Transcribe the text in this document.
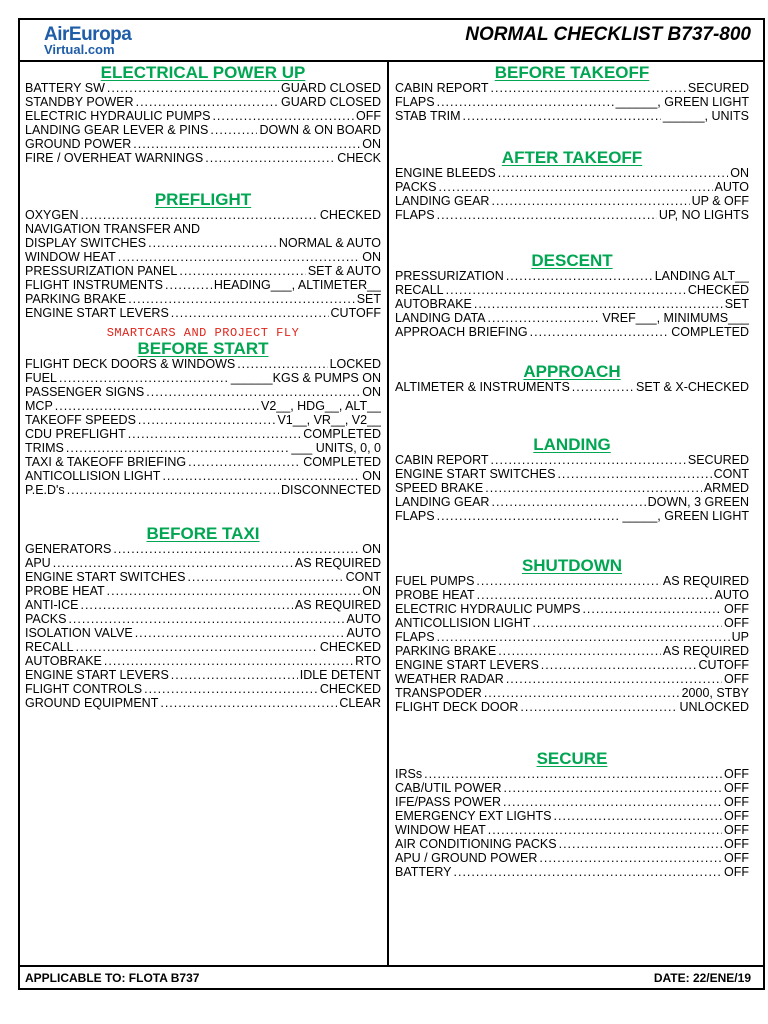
AirEuropa
Virtual.com
NORMAL CHECKLIST B737-800
ELECTRICAL POWER UP
BATTERY SW .....	GUARD CLOSED
STANDBY POWER .....	GUARD CLOSED
ELECTRIC HYDRAULIC PUMPS .....	OFF
LANDING GEAR LEVER & PINS .....	DOWN & ON BOARD
GROUND POWER .....	ON
FIRE / OVERHEAT WARNINGS .....	CHECK
PREFLIGHT
OXYGEN .....	CHECKED
NAVIGATION TRANSFER AND
DISPLAY SWITCHES .....	NORMAL & AUTO
WINDOW HEAT .....	ON
PRESSURIZATION PANEL .....	SET & AUTO
FLIGHT INSTRUMENTS .....	HEADING___, ALTIMETER__
PARKING BRAKE .....	SET
ENGINE START LEVERS .....	CUTOFF
SMARTCARS AND PROJECT FLY
BEFORE START
FLIGHT DECK DOORS & WINDOWS .....	LOCKED
FUEL .....	______KGS & PUMPS ON
PASSENGER SIGNS .....	ON
MCP .....	V2__, HDG__, ALT__
TAKEOFF SPEEDS .....	V1__, VR__, V2__
CDU PREFLIGHT .....	COMPLETED
TRIMS .....	___ UNITS, 0, 0
TAXI & TAKEOFF BRIEFING .....	COMPLETED
ANTICOLLISION LIGHT .....	ON
P.E.D's .....	DISCONNECTED
BEFORE TAXI
GENERATORS .....	ON
APU .....	AS REQUIRED
ENGINE START SWITCHES .....	CONT
PROBE HEAT .....	ON
ANTI-ICE .....	AS REQUIRED
PACKS .....	AUTO
ISOLATION VALVE .....	AUTO
RECALL .....	CHECKED
AUTOBRAKE .....	RTO
ENGINE START LEVERS .....	IDLE DETENT
FLIGHT CONTROLS .....	CHECKED
GROUND EQUIPMENT .....	CLEAR
BEFORE TAKEOFF
CABIN REPORT .....	SECURED
FLAPS .....	______, GREEN LIGHT
STAB TRIM .....	______, UNITS
AFTER TAKEOFF
ENGINE BLEEDS .....	ON
PACKS .....	AUTO
LANDING GEAR .....	UP & OFF
FLAPS .....	UP, NO LIGHTS
DESCENT
PRESSURIZATION .....	LANDING ALT__
RECALL .....	CHECKED
AUTOBRAKE .....	SET
LANDING DATA .....	VREF___, MINIMUMS___
APPROACH BRIEFING .....	COMPLETED
APPROACH
ALTIMETER & INSTRUMENTS .....	SET & X-CHECKED
LANDING
CABIN REPORT .....	SECURED
ENGINE START SWITCHES .....	CONT
SPEED BRAKE .....	ARMED
LANDING GEAR .....	DOWN, 3 GREEN
FLAPS .....	_____, GREEN LIGHT
SHUTDOWN
FUEL PUMPS .....	AS REQUIRED
PROBE HEAT .....	AUTO
ELECTRIC HYDRAULIC PUMPS .....	OFF
ANTICOLLISION LIGHT .....	OFF
FLAPS .....	UP
PARKING BRAKE .....	AS REQUIRED
ENGINE START LEVERS .....	CUTOFF
WEATHER RADAR .....	OFF
TRANSPODER .....	2000, STBY
FLIGHT DECK DOOR .....	UNLOCKED
SECURE
IRSs .....	OFF
CAB/UTIL POWER .....	OFF
IFE/PASS POWER .....	OFF
EMERGENCY EXT LIGHTS .....	OFF
WINDOW HEAT .....	OFF
AIR CONDITIONING PACKS .....	OFF
APU / GROUND POWER .....	OFF
BATTERY .....	OFF
APPLICABLE TO: FLOTA B737	DATE: 22/ENE/19
